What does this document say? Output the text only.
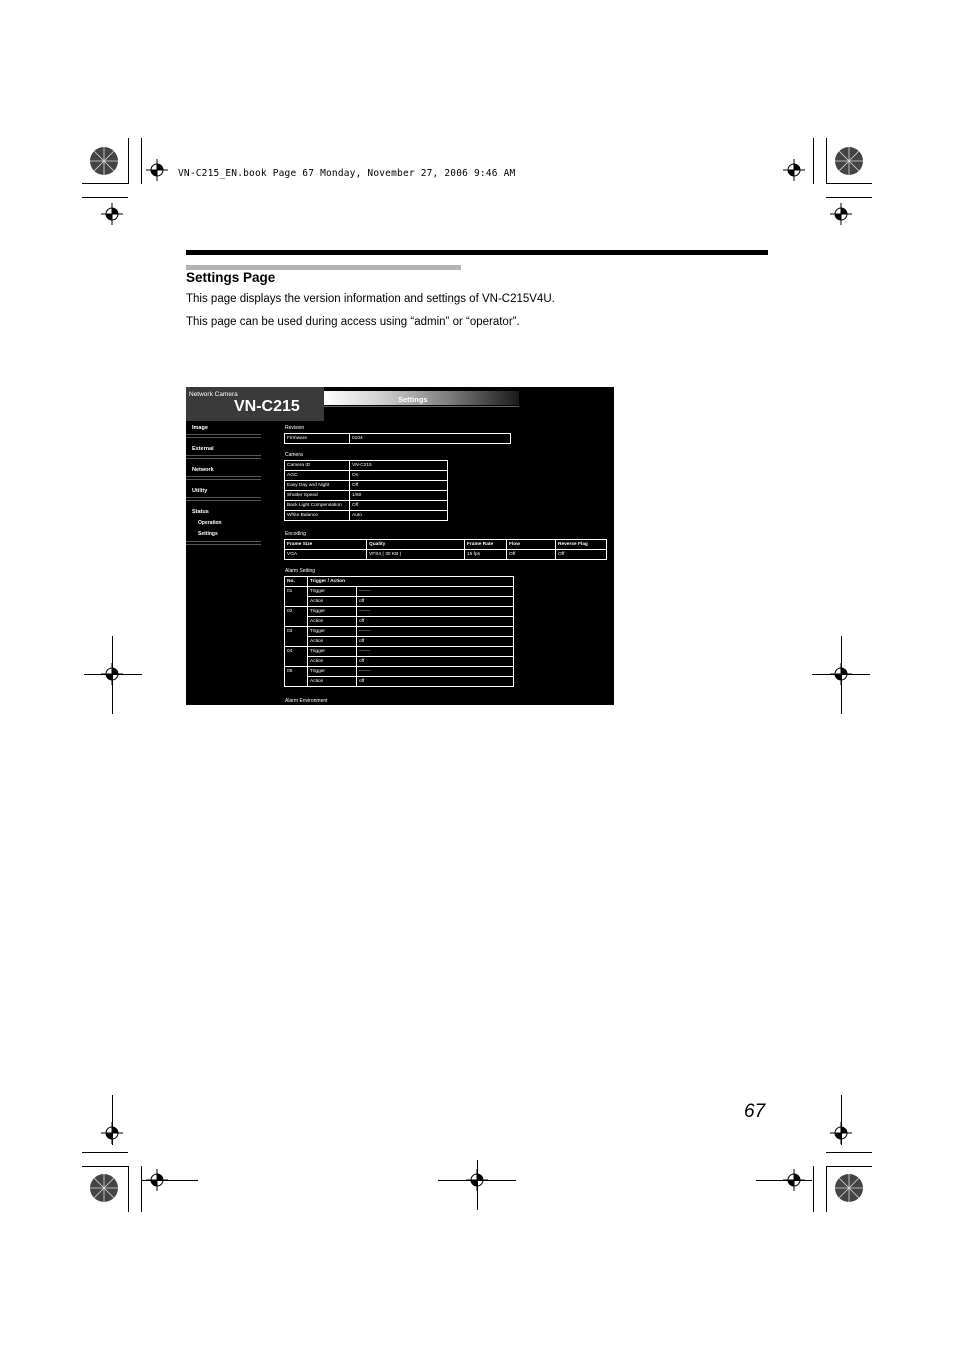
VN-C215_EN.book Page 67 Monday, November 27, 2006 9:46 AM
Settings Page
This page displays the version information and settings of VN-C215V4U.
This page can be used during access using “admin” or “operator”.
Network Camera
VN-C215	Settings
Image
External
Network
Utility
Status
Operation
Settings
Revision
Firmware	0104
Camera
Camera ID	VN-C215
AGC	On
Easy Day and Night	Off
Shutter Speed	1/60
Back Light Compensation	Off
White Balance	Auto
Encoding
Frame Size	Quality	Frame Rate	Flow	Reverse Flag
VGA	VFS4 ( 30 KB )	15 fps	Off	Off
Alarm Setting
No.	Trigger / Action	
01	Trigger	-------
	Action	off
02	Trigger	-------
	Action	off
03	Trigger	-------
	Action	off
04	Trigger	-------
	Action	off
05	Trigger	-------
	Action	off
Alarm Environment
67
